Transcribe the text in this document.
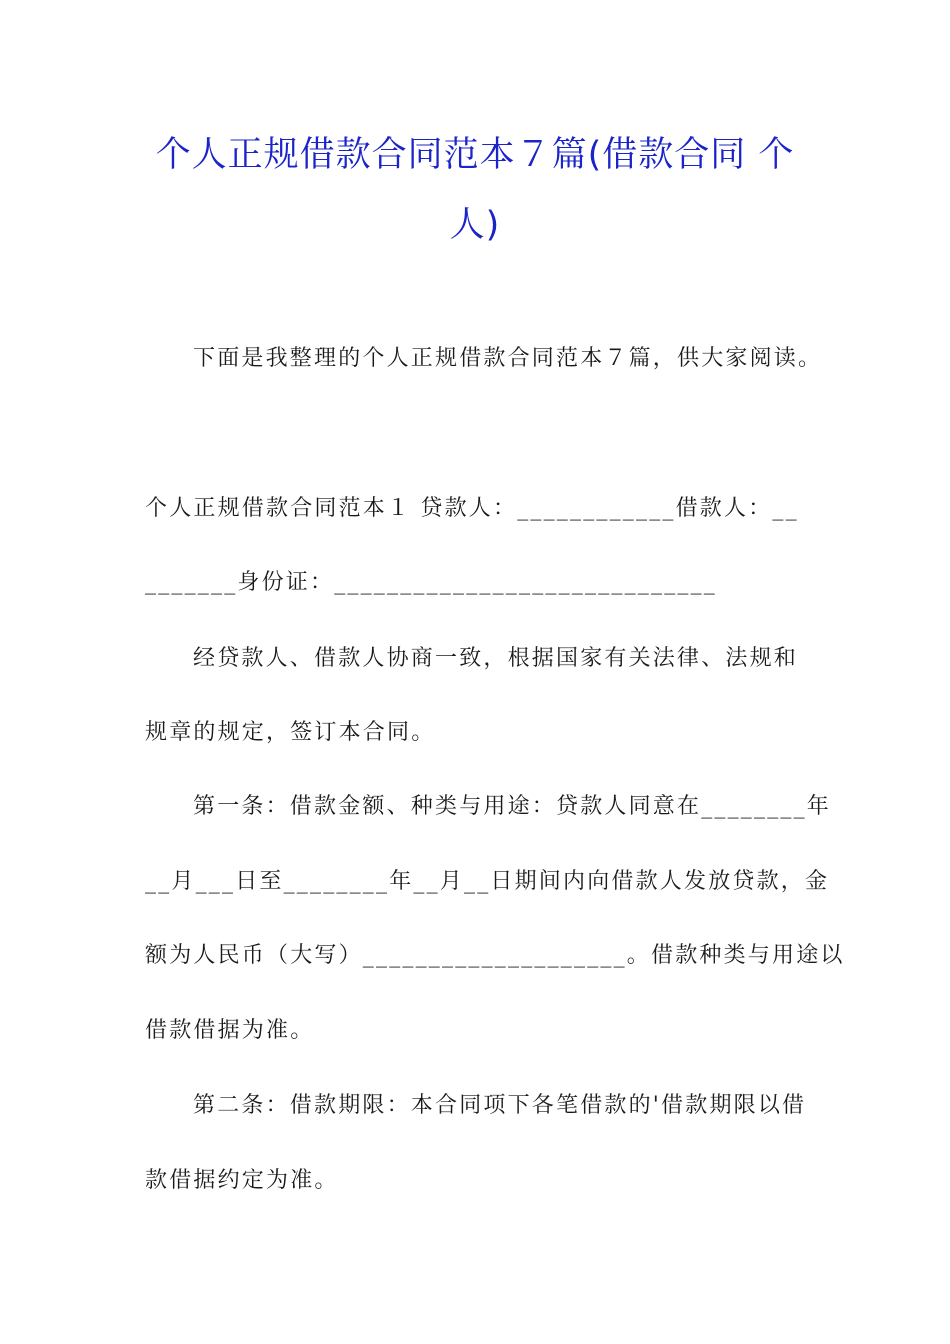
个人正规借款合同范本７篇(借款合同 个
人)
下面是我整理的个人正规借款合同范本７篇，供大家阅读。
个人正规借款合同范本１ 贷款人：____________借款人：__
_______身份证：_____________________________
经贷款人、借款人协商一致，根据国家有关法律、法规和
规章的规定，签订本合同。
第一条：借款金额、种类与用途：贷款人同意在________年
__月___日至________年__月__日期间内向借款人发放贷款，金
额为人民币（大写）____________________。借款种类与用途以
借款借据为准。
第二条：借款期限：本合同项下各笔借款的'借款期限以借
款借据约定为准。
